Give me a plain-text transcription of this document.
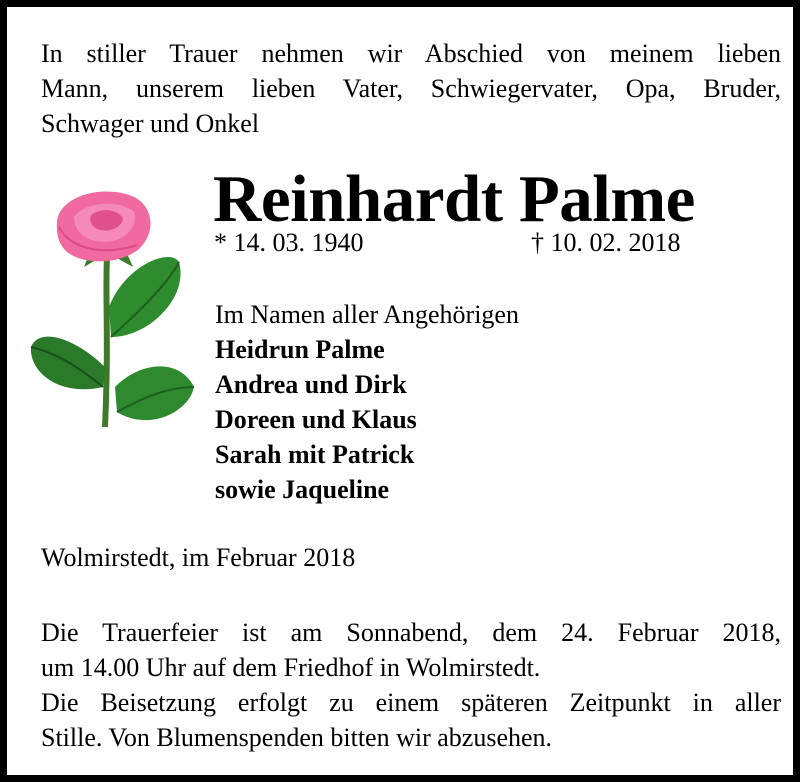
In stiller Trauer nehmen wir Abschied von meinem lieben
Mann, unserem lieben Vater, Schwiegervater, Opa, Bruder,
Schwager und Onkel
Reinhardt Palme
* 14. 03. 1940	† 10. 02. 2018
Im Namen aller Angehörigen
Heidrun Palme
Andrea und Dirk
Doreen und Klaus
Sarah mit Patrick
sowie Jaqueline
Wolmirstedt, im Februar 2018
Die Trauerfeier ist am Sonnabend, dem 24. Februar 2018,
um 14.00 Uhr auf dem Friedhof in Wolmirstedt.
Die Beisetzung erfolgt zu einem späteren Zeitpunkt in aller
Stille. Von Blumenspenden bitten wir abzusehen.
